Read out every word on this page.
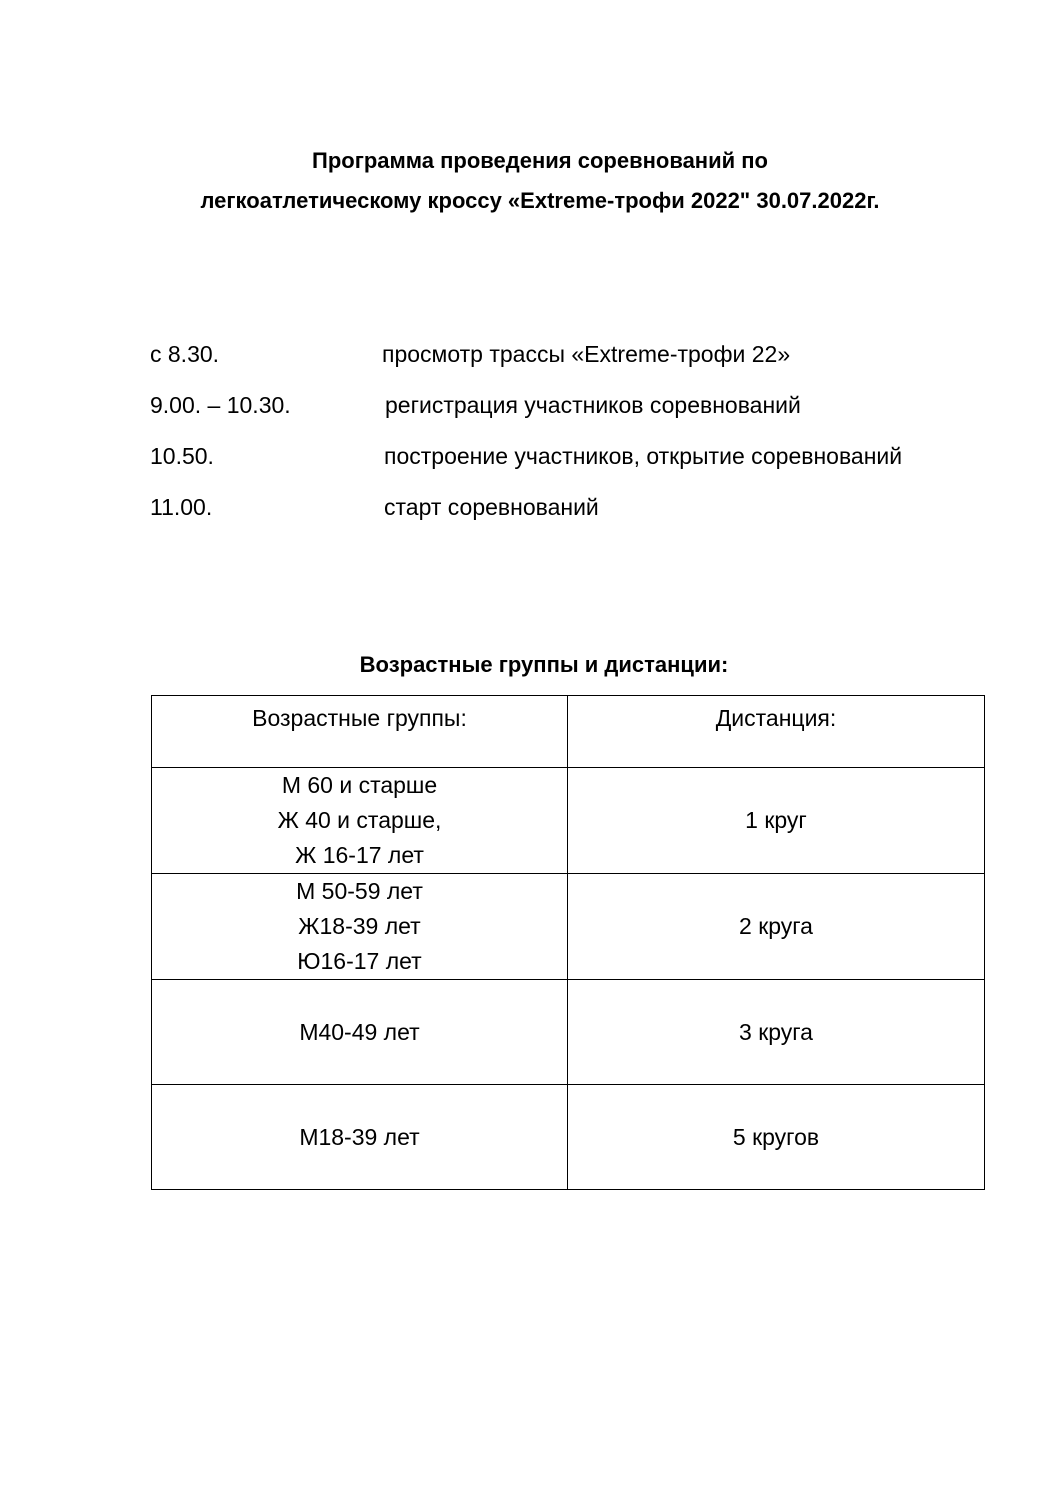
Программа проведения соревнований по
легкоатлетическому кроссу «Extreme-трофи 2022" 30.07.2022г.
с 8.30.	просмотр трассы «Extreme-трофи 22»
9.00. – 10.30.	регистрация участников соревнований
10.50.	построение участников, открытие соревнований
11.00.	старт соревнований
Возрастные группы и дистанции:
Возрастные группы:	Дистанция:

М 60 и старше
Ж 40 и старше,
Ж 16-17 лет	1 круг

М 50-59 лет
Ж18-39 лет
Ю16-17 лет	2 круга

М40-49 лет	3 круга

М18-39 лет	5 кругов
